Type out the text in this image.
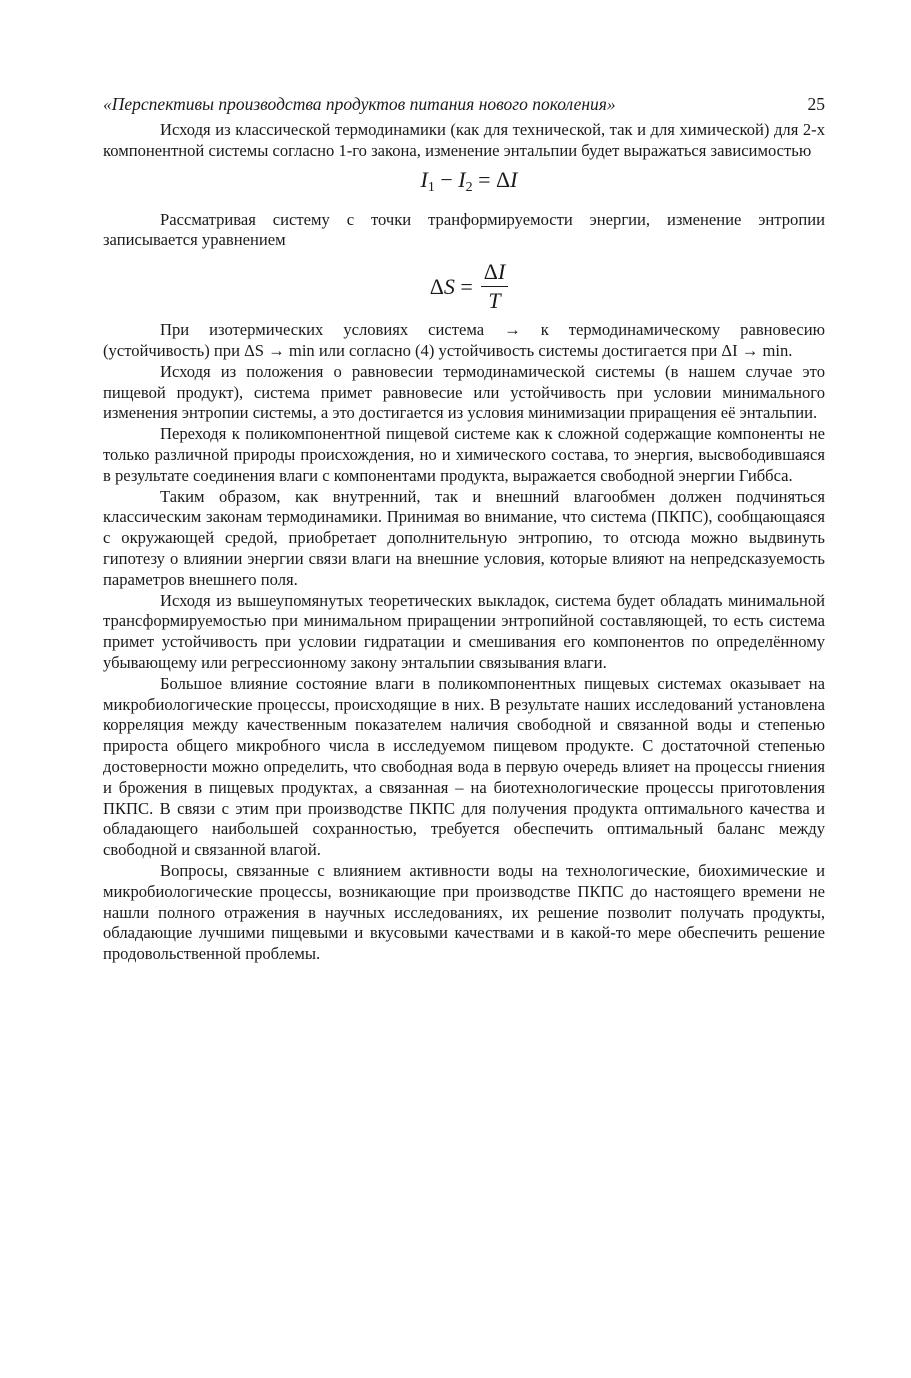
«Перспективы производства продуктов питания нового поколения»	25

Исходя из классической термодинамики (как для технической, так и для химической) для 2-х компонентной системы согласно 1-го закона, изменение энтальпии будет выражаться зависимостью

$I_1 - I_2 = \Delta I$

Рассматривая систему с точки транформируемости энергии, изменение энтропии записывается уравнением

$\Delta S = \frac{\Delta I}{T}$

При изотермических условиях система → к термодинамическому равновесию (устойчивость) при ΔS → min или согласно (4) устойчивость системы достигается при ΔI → min.

Исходя из положения о равновесии термодинамической системы (в нашем случае это пищевой продукт), система примет равновесие или устойчивость при условии минимального изменения энтропии системы, а это достигается из условия минимизации приращения её энтальпии.

Переходя к поликомпонентной пищевой системе как к сложной содержащие компоненты не только различной природы происхождения, но и химического состава, то энергия, высвободившаяся в результате соединения влаги с компонентами продукта, выражается свободной энергии Гиббса.

Таким образом, как внутренний, так и внешний влагообмен должен подчиняться классическим законам термодинамики. Принимая во внимание, что система (ПКПС), сообщающаяся с окружающей средой, приобретает дополнительную энтропию, то отсюда можно выдвинуть гипотезу о влиянии энергии связи влаги на внешние условия, которые влияют на непредсказуемость параметров внешнего поля.

Исходя из вышеупомянутых теоретических выкладок, система будет обладать минимальной трансформируемостью при минимальном приращении энтропийной составляющей, то есть система примет устойчивость при условии гидратации и смешивания его компонентов по определённому убывающему или регрессионному закону энтальпии связывания влаги.

Большое влияние состояние влаги в поликомпонентных пищевых системах оказывает на микробиологические процессы, происходящие в них. В результате наших исследований установлена корреляция между качественным показателем наличия свободной и связанной воды и степенью прироста общего микробного числа в исследуемом пищевом продукте. С достаточной степенью достоверности можно определить, что свободная вода в первую очередь влияет на процессы гниения и брожения в пищевых продуктах, а связанная – на биотехнологические процессы приготовления ПКПС. В связи с этим при производстве ПКПС для получения продукта оптимального качества и обладающего наибольшей сохранностью, требуется обеспечить оптимальный баланс между свободной и связанной влагой.

Вопросы, связанные с влиянием активности воды на технологические, биохимические и микробиологические процессы, возникающие при производстве ПКПС до настоящего времени не нашли полного отражения в научных исследованиях, их решение позволит получать продукты, обладающие лучшими пищевыми и вкусовыми качествами и в какой-то мере обеспечить решение продовольственной проблемы.
